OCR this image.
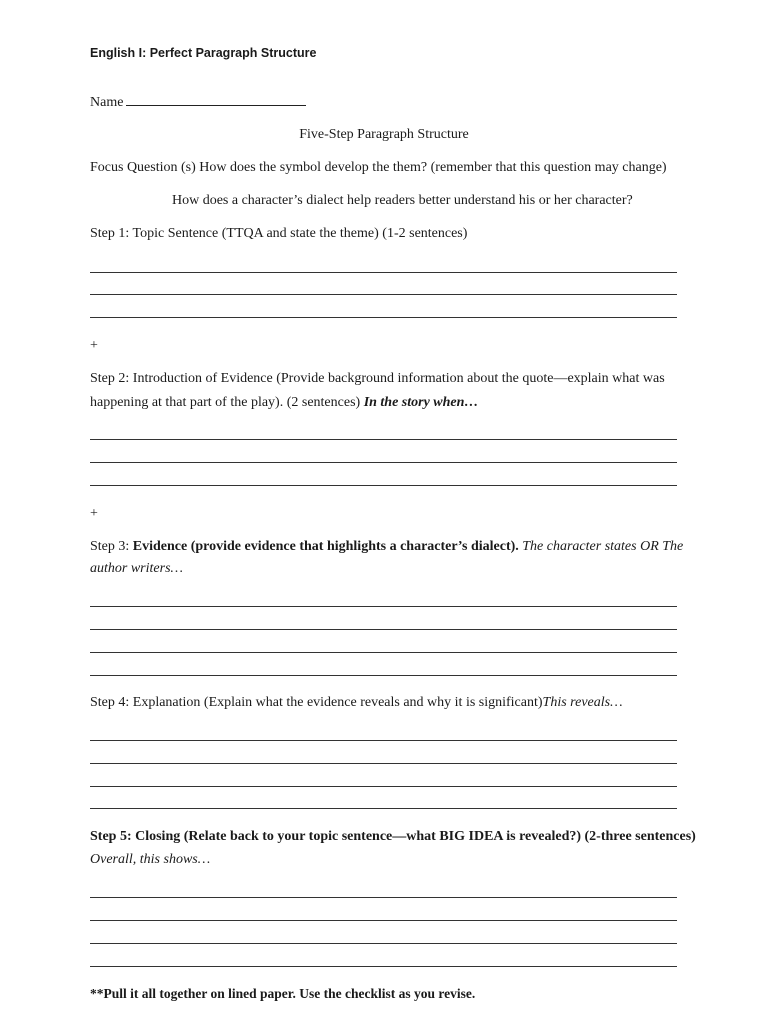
English I: Perfect Paragraph Structure
Name
Five-Step Paragraph Structure
Focus Question (s) How does the symbol develop the them? (remember that this question may change)
How does a character’s dialect help readers better understand his or her character?
Step 1: Topic Sentence (TTQA and state the theme) (1-2 sentences)
+
Step 2: Introduction of Evidence (Provide background information about the quote—explain what was
happening at that part of the play). (2 sentences) In the story when…
+
Step 3: Evidence (provide evidence that highlights a character’s dialect). The character states OR The
author writers…
Step 4: Explanation (Explain what the evidence reveals and why it is significant)This reveals…
Step 5: Closing (Relate back to your topic sentence—what BIG IDEA is revealed?) (2-three sentences)
Overall, this shows…
**Pull it all together on lined paper. Use the checklist as you revise.
